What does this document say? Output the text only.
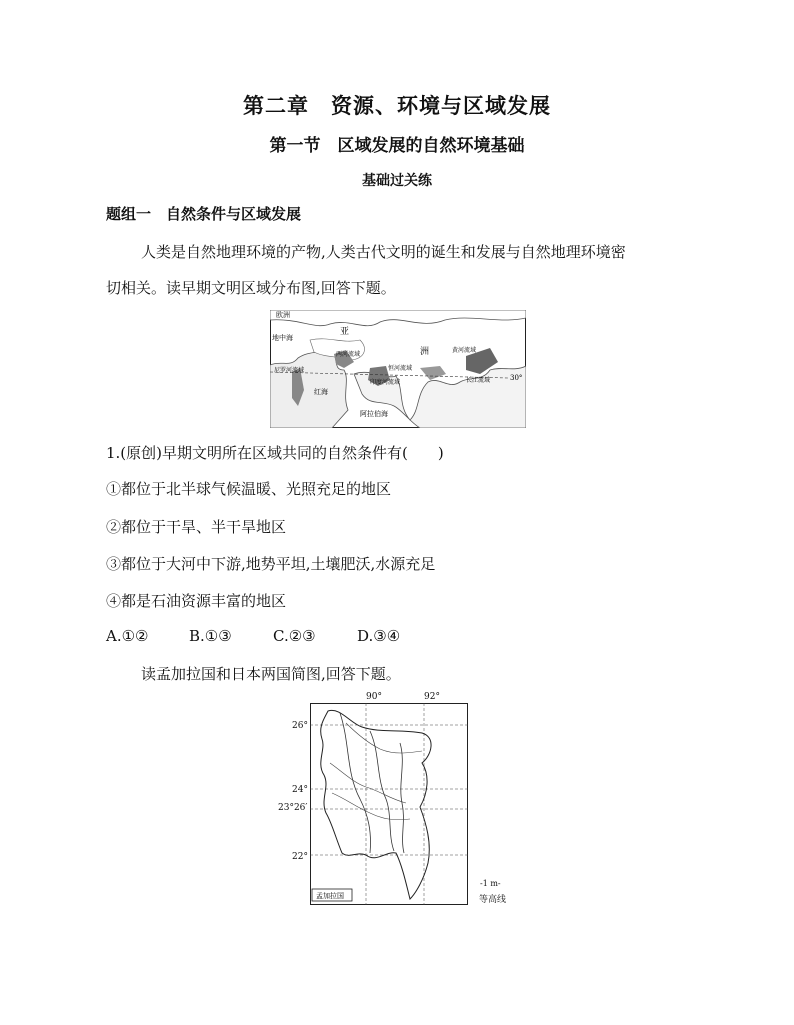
第二章　资源、环境与区域发展
第一节　区域发展的自然环境基础
基础过关练
题组一　自然条件与区域发展
人类是自然地理环境的产物,人类古代文明的诞生和发展与自然地理环境密
切相关。读早期文明区域分布图,回答下题。
欧洲
亚
洲
地中海
两河流域
黄河流域
印度河流域
恒河流域
长江流域
尼罗河流域
阿拉伯海
红海
30°
1.(原创)早期文明所在区域共同的自然条件有(　　)
①都位于北半球气候温暖、光照充足的地区
②都位于干旱、半干旱地区
③都位于大河中下游,地势平坦,土壤肥沃,水源充足
④都是石油资源丰富的地区
A.①②	B.①③	C.②③	D.③④
读孟加拉国和日本两国简图,回答下题。
90°	92°
26°
24°
23°26′
22°
孟加拉国
-1 m-
等高线
